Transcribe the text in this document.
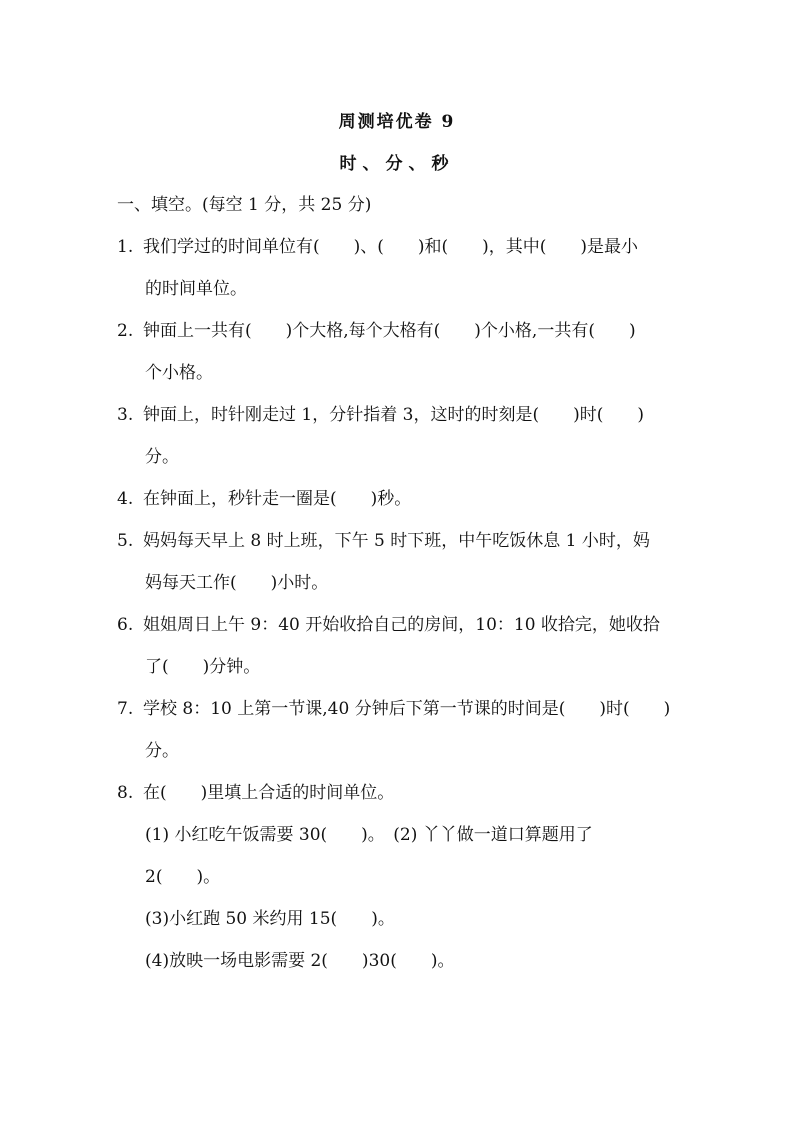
周测培优卷 9
时、分、秒
一、填空。(每空 1 分，共 25 分)
1. 我们学过的时间单位有(　　)、(　　)和(　　)，其中(　　)是最小
的时间单位。
2. 钟面上一共有(　　)个大格,每个大格有(　　)个小格,一共有(　　)
个小格。
3. 钟面上，时针刚走过 1，分针指着 3，这时的时刻是(　　)时(　　)
分。
4. 在钟面上，秒针走一圈是(　　)秒。
5. 妈妈每天早上 8 时上班，下午 5 时下班，中午吃饭休息 1 小时，妈
妈每天工作(　　)小时。
6. 姐姐周日上午 9：40 开始收拾自己的房间，10：10 收拾完，她收拾
了(　　)分钟。
7. 学校 8：10 上第一节课,40 分钟后下第一节课的时间是(　　)时(　　)
分。
8. 在(　　)里填上合适的时间单位。
(1) 小红吃午饭需要 30(　　)。　(2) 丫丫做一道口算题用了
2(　　)。
(3)小红跑 50 米约用 15(　　)。
(4)放映一场电影需要 2(　　)30(　　)。
